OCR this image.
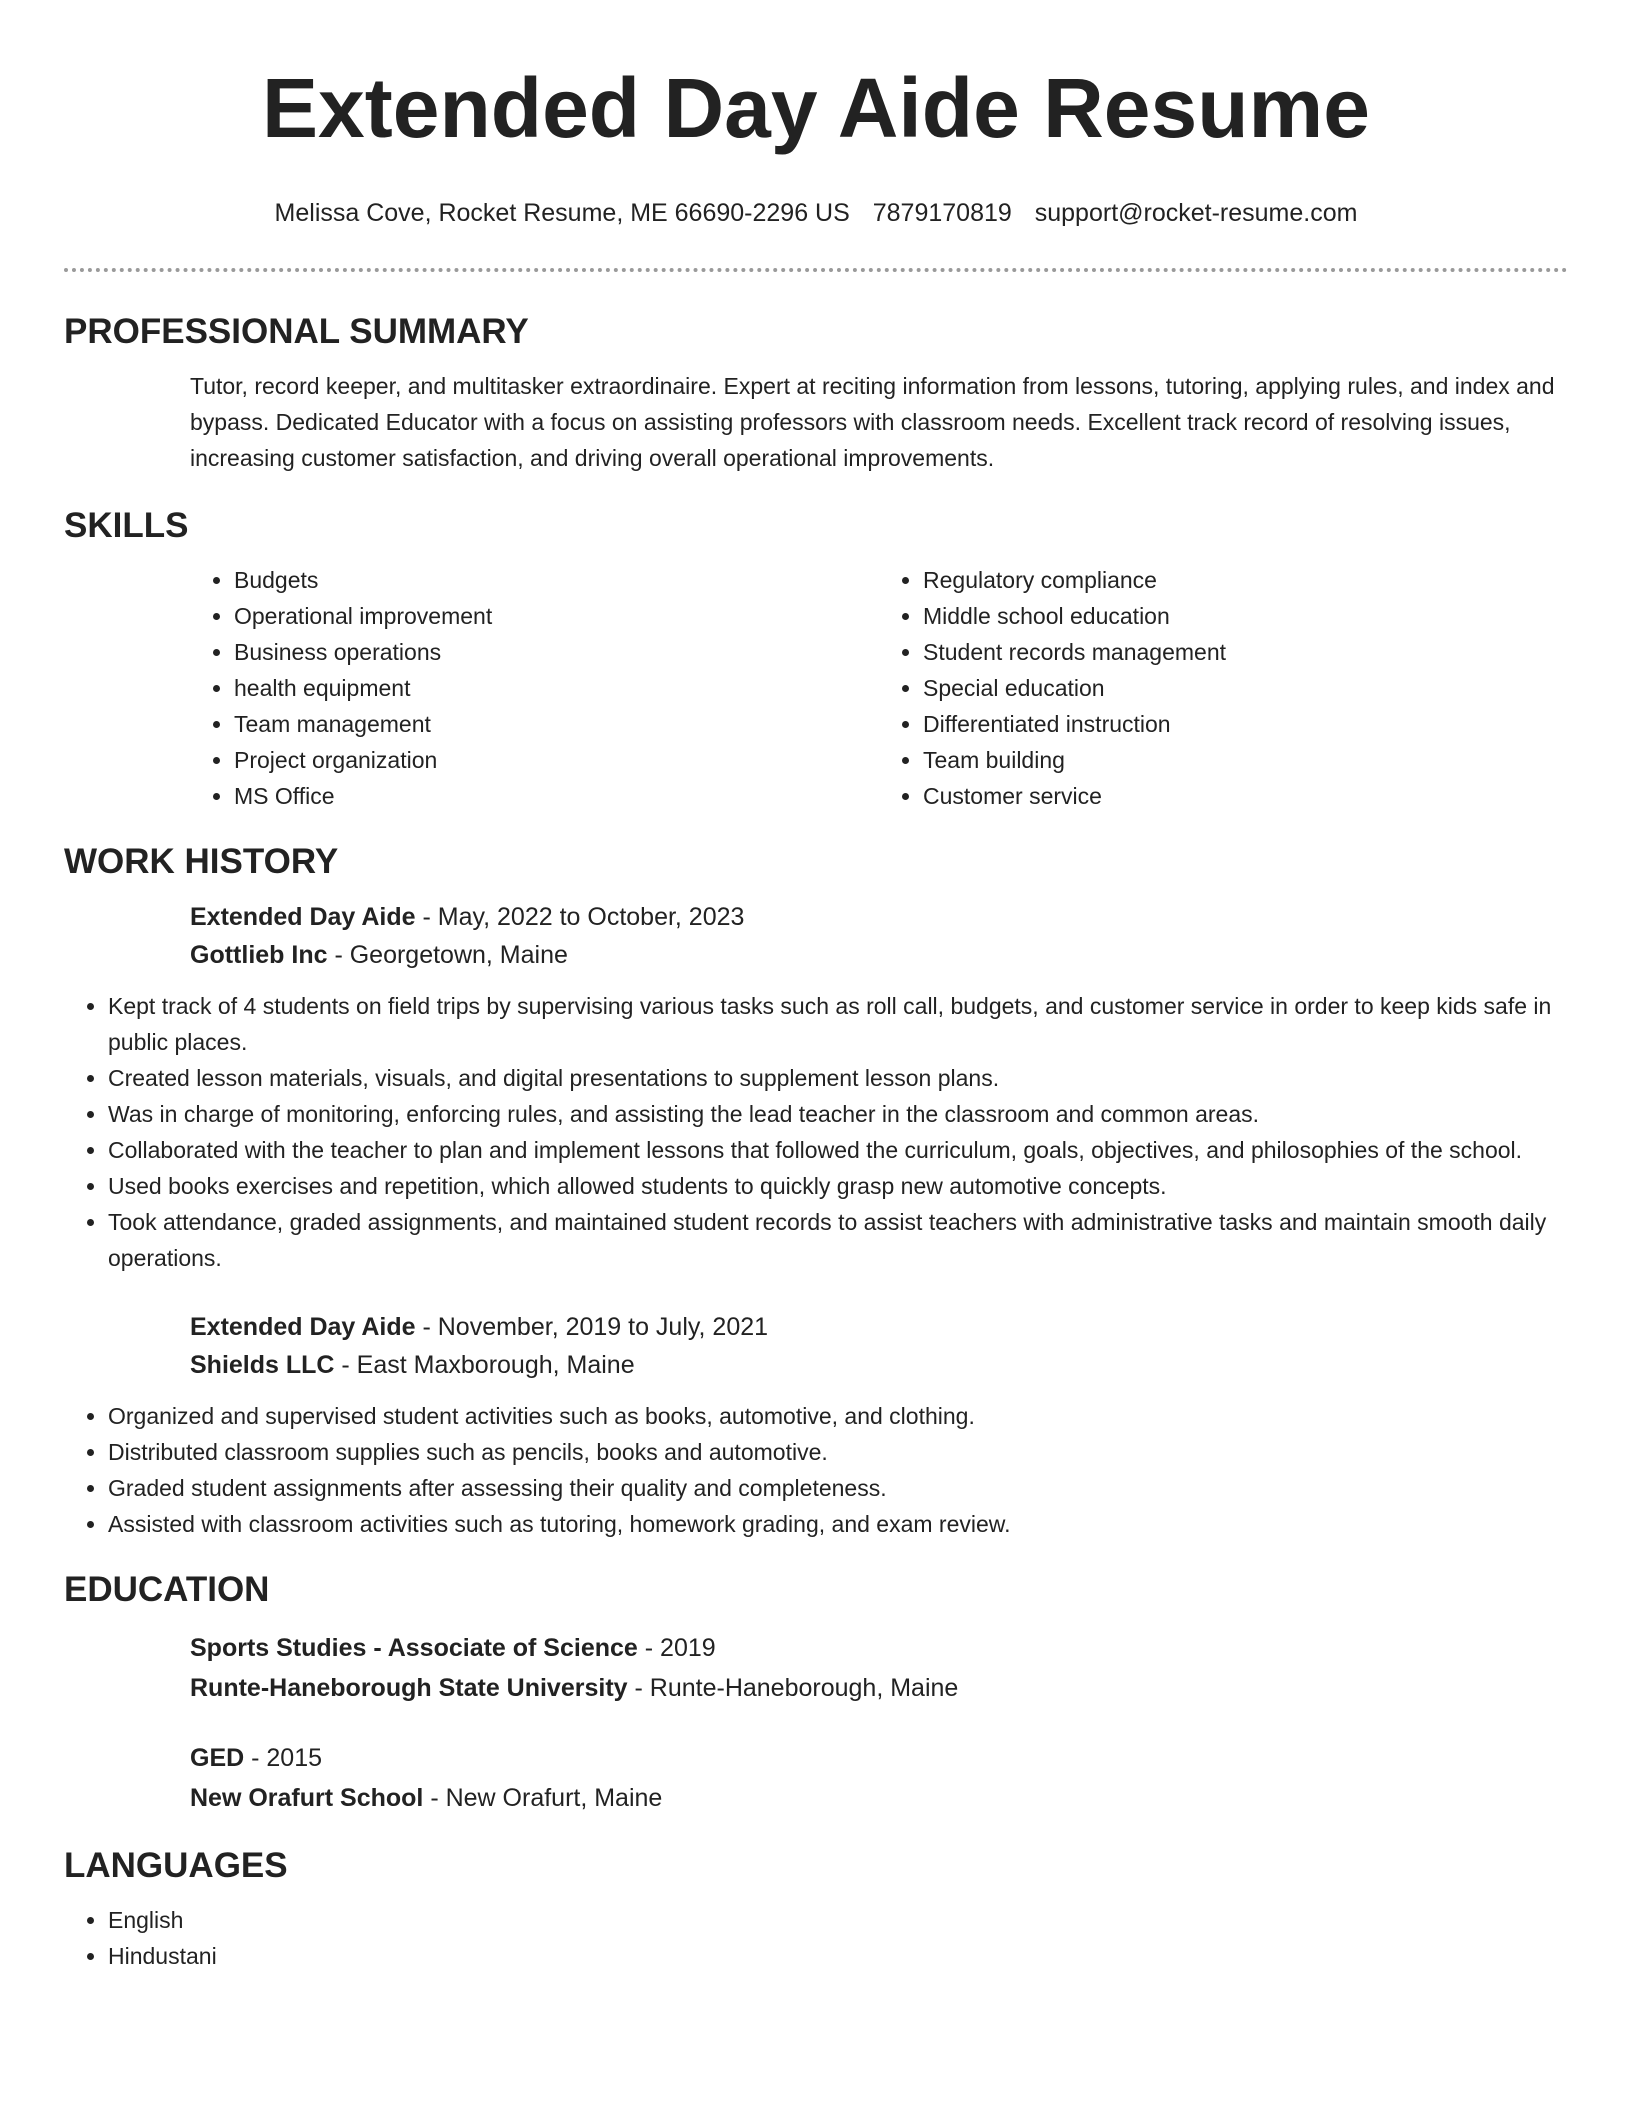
Extended Day Aide Resume
Melissa Cove, Rocket Resume, ME 66690-2296 US 7879170819 support@rocket-resume.com
PROFESSIONAL SUMMARY
Tutor, record keeper, and multitasker extraordinaire. Expert at reciting information from lessons, tutoring, applying rules, and index and bypass. Dedicated Educator with a focus on assisting professors with classroom needs. Excellent track record of resolving issues, increasing customer satisfaction, and driving overall operational improvements.
SKILLS
• Budgets
• Operational improvement
• Business operations
• health equipment
• Team management
• Project organization
• MS Office
• Regulatory compliance
• Middle school education
• Student records management
• Special education
• Differentiated instruction
• Team building
• Customer service
WORK HISTORY
Extended Day Aide - May, 2022 to October, 2023
Gottlieb Inc - Georgetown, Maine
• Kept track of 4 students on field trips by supervising various tasks such as roll call, budgets, and customer service in order to keep kids safe in public places.
• Created lesson materials, visuals, and digital presentations to supplement lesson plans.
• Was in charge of monitoring, enforcing rules, and assisting the lead teacher in the classroom and common areas.
• Collaborated with the teacher to plan and implement lessons that followed the curriculum, goals, objectives, and philosophies of the school.
• Used books exercises and repetition, which allowed students to quickly grasp new automotive concepts.
• Took attendance, graded assignments, and maintained student records to assist teachers with administrative tasks and maintain smooth daily operations.
Extended Day Aide - November, 2019 to July, 2021
Shields LLC - East Maxborough, Maine
• Organized and supervised student activities such as books, automotive, and clothing.
• Distributed classroom supplies such as pencils, books and automotive.
• Graded student assignments after assessing their quality and completeness.
• Assisted with classroom activities such as tutoring, homework grading, and exam review.
EDUCATION
Sports Studies - Associate of Science - 2019
Runte-Haneborough State University - Runte-Haneborough, Maine
GED - 2015
New Orafurt School - New Orafurt, Maine
LANGUAGES
• English
• Hindustani
